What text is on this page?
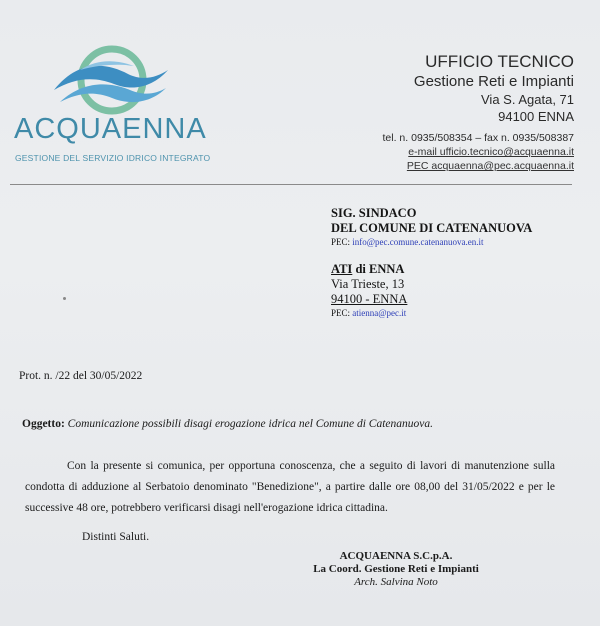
ACQUAENNA
GESTIONE DEL SERVIZIO IDRICO INTEGRATO
UFFICIO TECNICO
Gestione Reti e Impianti
Via S. Agata, 71
94100 ENNA
tel. n. 0935/508354 – fax n. 0935/508387
e-mail ufficio.tecnico@acquaenna.it
PEC acquaenna@pec.acquaenna.it
SIG. SINDACO
DEL COMUNE DI CATENANUOVA
PEC: info@pec.comune.catenanuova.en.it
ATI di ENNA
Via Trieste, 13
94100 - ENNA
PEC: atienna@pec.it
Prot. n. /22 del 30/05/2022
Oggetto: Comunicazione possibili disagi erogazione idrica nel Comune di Catenanuova.

Con la presente si comunica, per opportuna conoscenza, che a seguito di lavori di manutenzione sulla condotta di adduzione al Serbatoio denominato "Benedizione", a partire dalle ore 08,00 del 31/05/2022 e per le successive 48 ore, potrebbero verificarsi disagi nell'erogazione idrica cittadina.

Distinti Saluti.
ACQUAENNA S.C.p.A.
La Coord. Gestione Reti e Impianti
Arch. Salvina Noto
